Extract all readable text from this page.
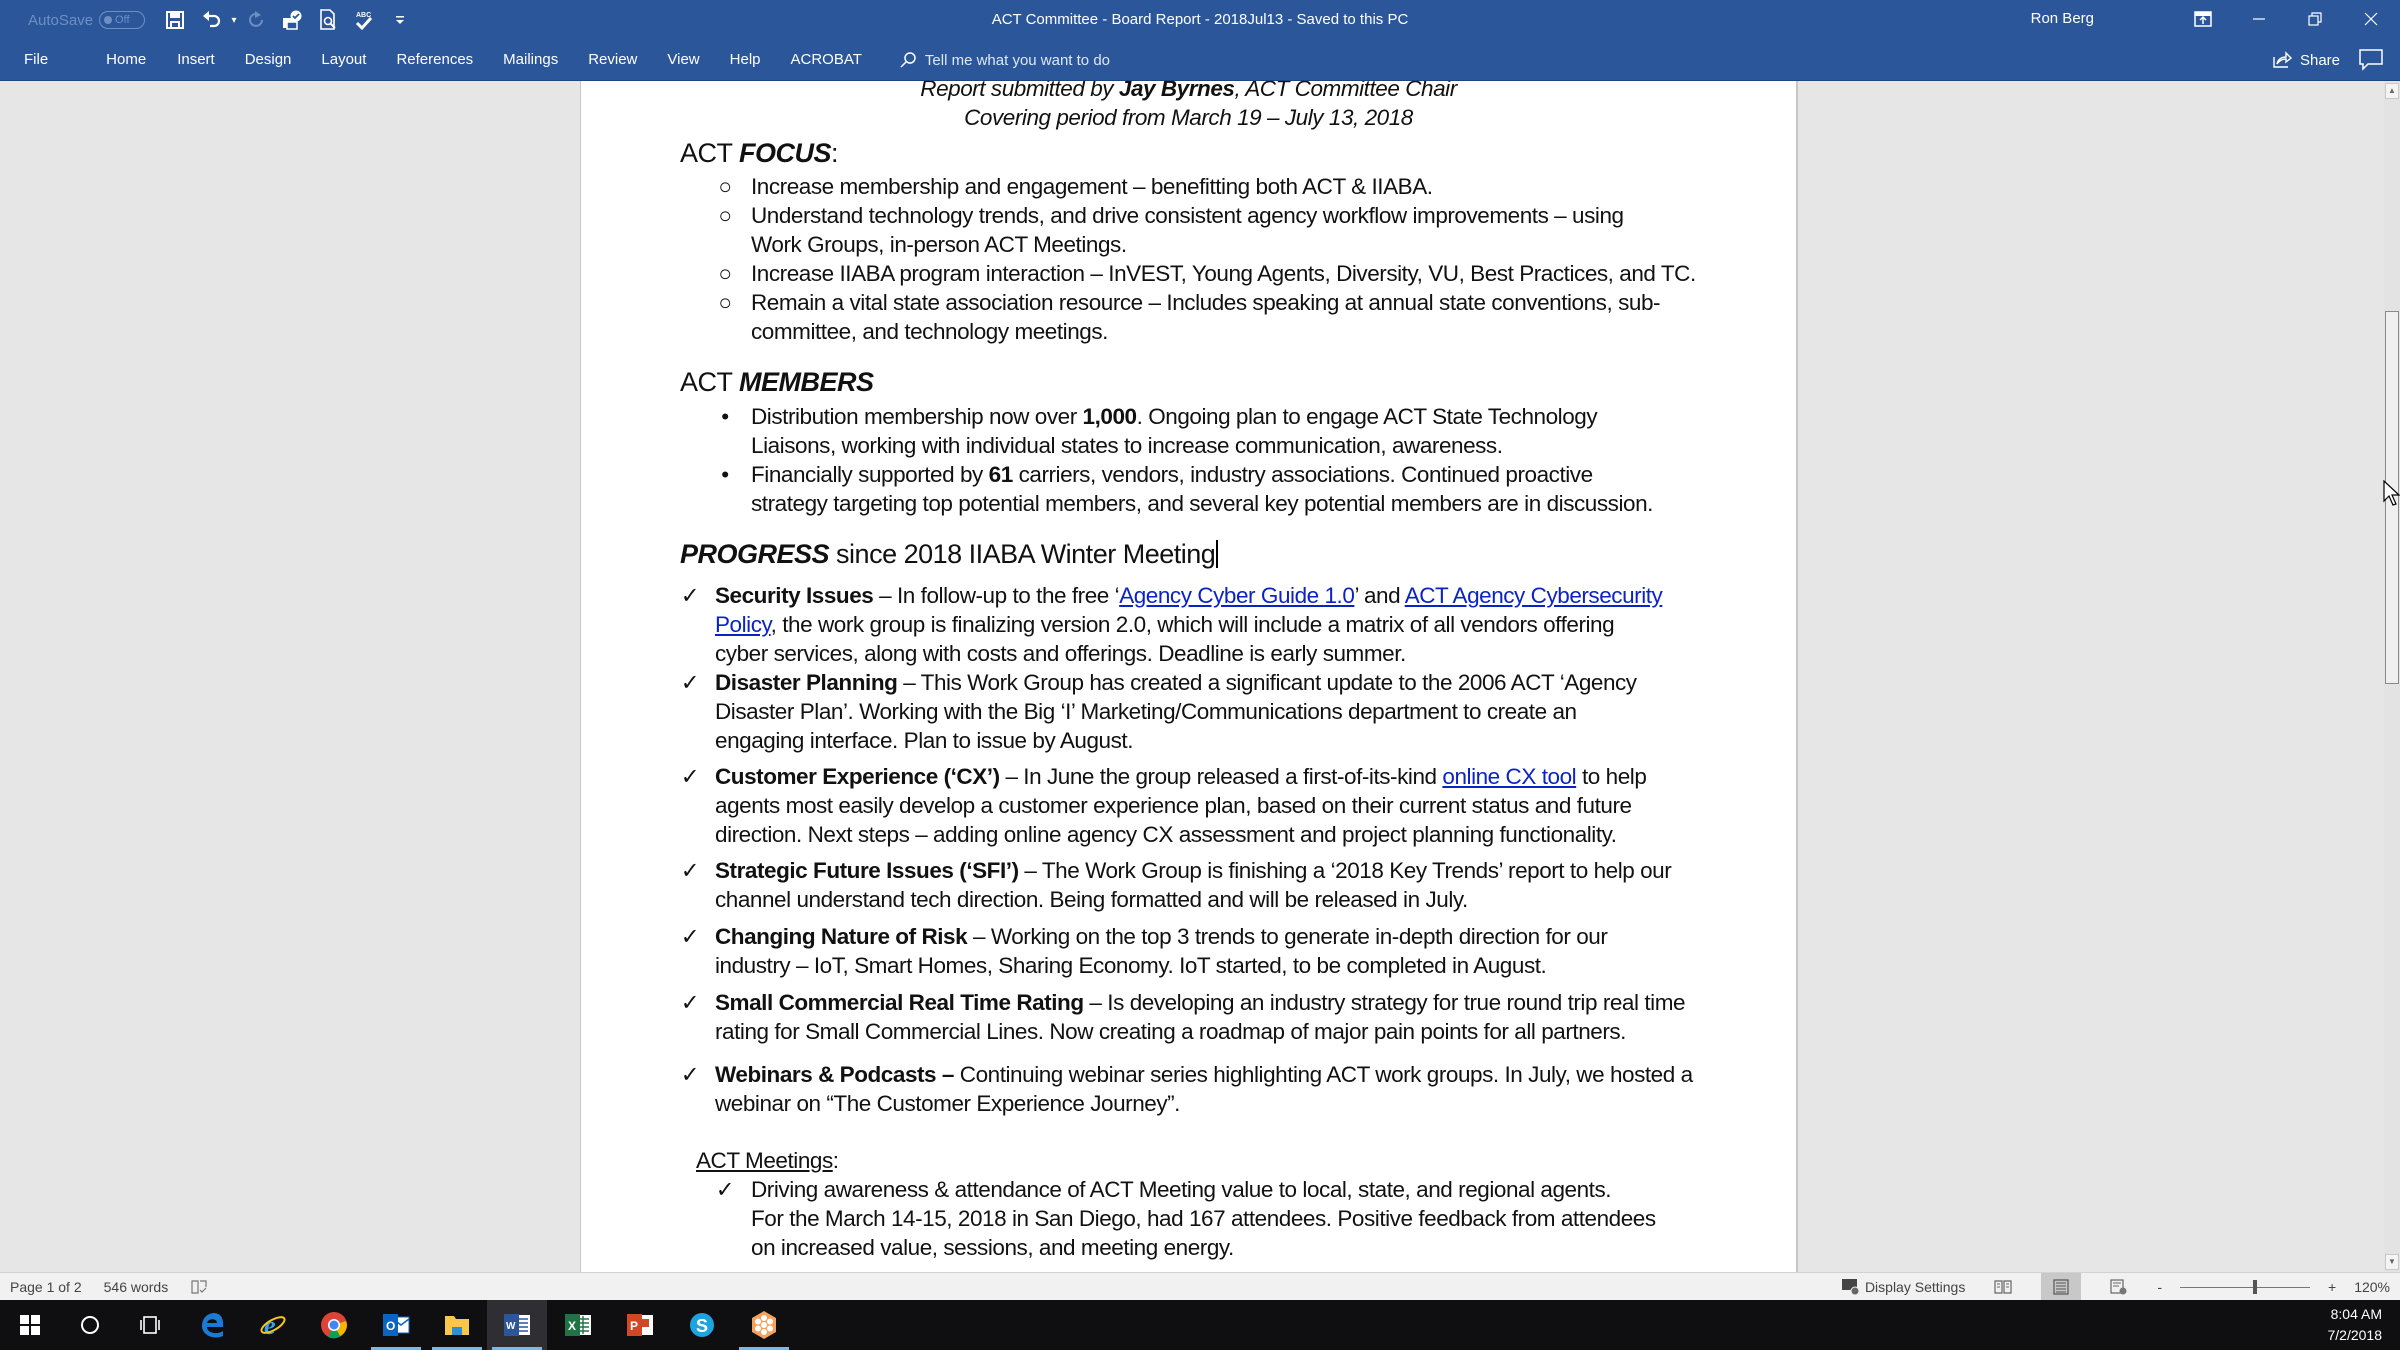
AutoSave Off	▾	ABC	ACT Committee - Board Report - 2018Jul13 - Saved to this PC	Ron Berg
File	Home	Insert	Design	Layout	References	Mailings	Review	View	Help	ACROBAT	Tell me what you want to do	Share
Report submitted by Jay Byrnes, ACT Committee Chair
Covering period from March 19 – July 13, 2018
ACT FOCUS:
○ Increase membership and engagement – benefitting both ACT & IIABA.
○ Understand technology trends, and drive consistent agency workflow improvements – using
Work Groups, in-person ACT Meetings.
○ Increase IIABA program interaction – InVEST, Young Agents, Diversity, VU, Best Practices, and TC.
○ Remain a vital state association resource – Includes speaking at annual state conventions, sub-
committee, and technology meetings.
ACT MEMBERS
• Distribution membership now over 1,000. Ongoing plan to engage ACT State Technology
Liaisons, working with individual states to increase communication, awareness.
• Financially supported by 61 carriers, vendors, industry associations. Continued proactive
strategy targeting top potential members, and several key potential members are in discussion.
PROGRESS since 2018 IIABA Winter Meeting
✓ Security Issues – In follow-up to the free ‘Agency Cyber Guide 1.0’ and ACT Agency Cybersecurity
Policy, the work group is finalizing version 2.0, which will include a matrix of all vendors offering
cyber services, along with costs and offerings. Deadline is early summer.
✓ Disaster Planning – This Work Group has created a significant update to the 2006 ACT ‘Agency
Disaster Plan’. Working with the Big ‘I’ Marketing/Communications department to create an
engaging interface. Plan to issue by August.
✓ Customer Experience (‘CX’) – In June the group released a first-of-its-kind online CX tool to help
agents most easily develop a customer experience plan, based on their current status and future
direction. Next steps – adding online agency CX assessment and project planning functionality.
✓ Strategic Future Issues (‘SFI’) – The Work Group is finishing a ‘2018 Key Trends’ report to help our
channel understand tech direction. Being formatted and will be released in July.
✓ Changing Nature of Risk – Working on the top 3 trends to generate in-depth direction for our
industry – IoT, Smart Homes, Sharing Economy. IoT started, to be completed in August.
✓ Small Commercial Real Time Rating – Is developing an industry strategy for true round trip real time
rating for Small Commercial Lines. Now creating a roadmap of major pain points for all partners.
✓ Webinars & Podcasts – Continuing webinar series highlighting ACT work groups. In July, we hosted a
webinar on “The Customer Experience Journey”.
ACT Meetings:
✓ Driving awareness & attendance of ACT Meeting value to local, state, and regional agents.
For the March 14-15, 2018 in San Diego, had 167 attendees. Positive feedback from attendees
on increased value, sessions, and meeting energy.
▲
▼
Page 1 of 2 546 words	Display Settings	-	+ 120%
e	O	W	X	P	S
8:04 AM
7/2/2018
